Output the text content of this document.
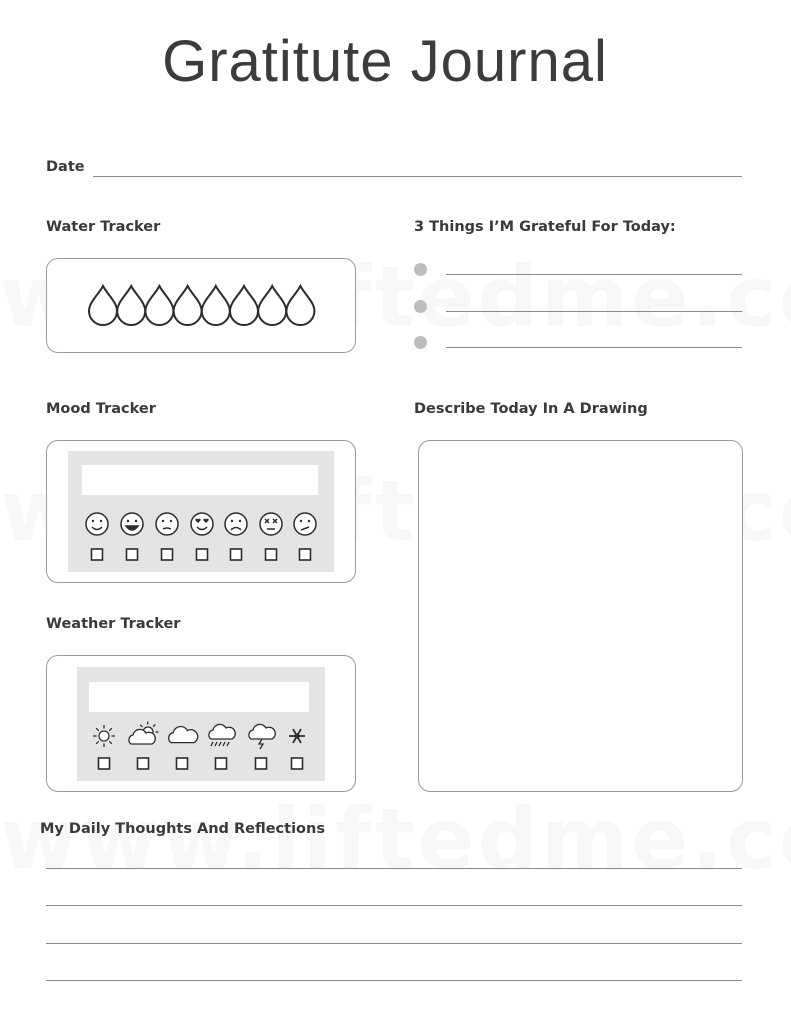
Gratitute Journal
Date
Water Tracker	3 Things I’M Grateful For Today:
Mood Tracker	Describe Today In A Drawing
Weather Tracker
My Daily Thoughts And Reflections
